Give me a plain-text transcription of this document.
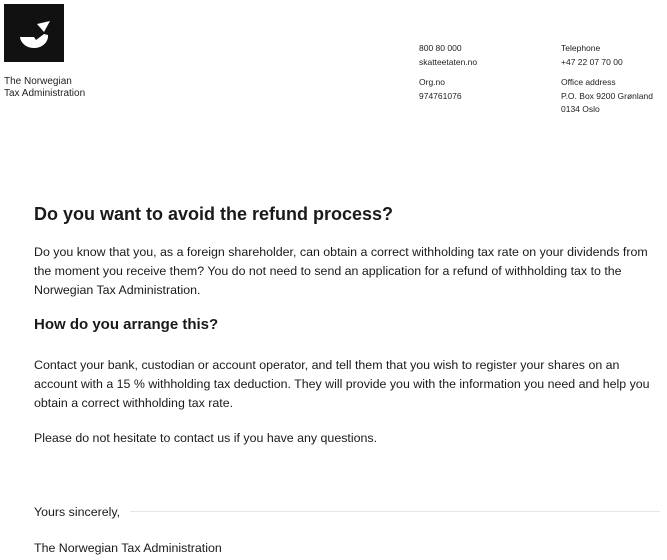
The Norwegian
Tax Administration
800 80 000
skatteetaten.no
Org.no
974761076
Telephone
+47 22 07 70 00
Office address
P.O. Box 9200 Grønland
0134 Oslo
Do you want to avoid the refund process?

Do you know that you, as a foreign shareholder, can obtain a correct withholding tax rate on your dividends from the moment you receive them? You do not need to send an application for a refund of withholding tax to the Norwegian Tax Administration.

How do you arrange this?

Contact your bank, custodian or account operator, and tell them that you wish to register your shares on an account with a 15 % withholding tax deduction. They will provide you with the information you need and help you obtain a correct withholding tax rate.

Please do not hesitate to contact us if you have any questions.

Yours sincerely,
The Norwegian Tax Administration
